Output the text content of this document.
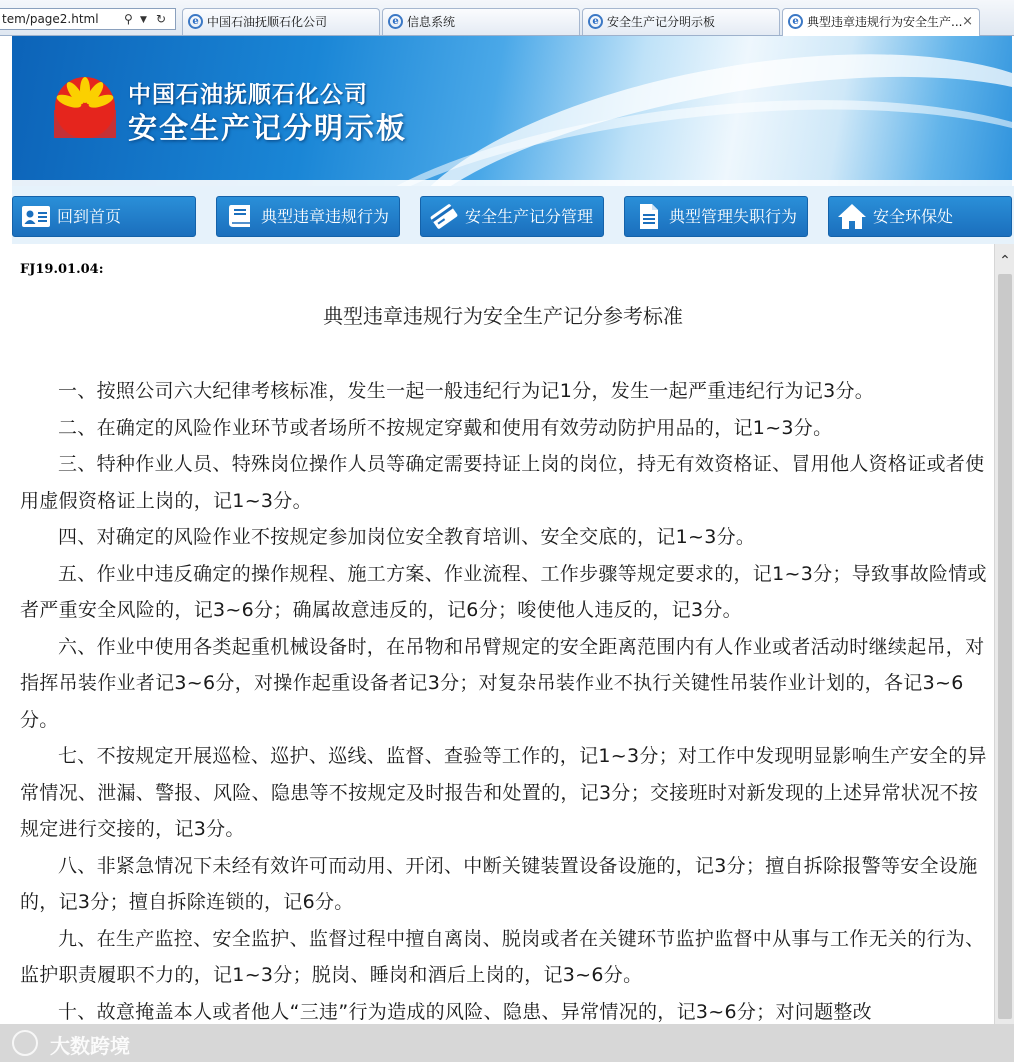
tem/page2.html ⚲ ▼ ↻	e 中国石油抚顺石化公司	e 信息系统	e 安全生产记分明示板	e 典型违章违规行为安全生产... ×
中国石油抚顺石化公司
安全生产记分明示板
回到首页	典型违章违规行为	安全生产记分管理	典型管理失职行为	安全环保处
FJ19.01.04:
典型违章违规行为安全生产记分参考标准

一、按照公司六大纪律考核标准，发生一起一般违纪行为记1分，发生一起严重违纪行为记3分。

二、在确定的风险作业环节或者场所不按规定穿戴和使用有效劳动防护用品的，记1~3分。

三、特种作业人员、特殊岗位操作人员等确定需要持证上岗的岗位，持无有效资格证、冒用他人资格证或者使用虚假资格证上岗的，记1~3分。

四、对确定的风险作业不按规定参加岗位安全教育培训、安全交底的，记1~3分。

五、作业中违反确定的操作规程、施工方案、作业流程、工作步骤等规定要求的，记1~3分；导致事故险情或者严重安全风险的，记3~6分；确属故意违反的，记6分；唆使他人违反的，记3分。

六、作业中使用各类起重机械设备时，在吊物和吊臂规定的安全距离范围内有人作业或者活动时继续起吊，对指挥吊装作业者记3~6分，对操作起重设备者记3分；对复杂吊装作业不执行关键性吊装作业计划的，各记3~6分。

七、不按规定开展巡检、巡护、巡线、监督、查验等工作的，记1~3分；对工作中发现明显影响生产安全的异常情况、泄漏、警报、风险、隐患等不按规定及时报告和处置的，记3分；交接班时对新发现的上述异常状况不按规定进行交接的，记3分。

八、非紧急情况下未经有效许可而动用、开闭、中断关键装置设备设施的，记3分；擅自拆除报警等安全设施的，记3分；擅自拆除连锁的，记6分。

九、在生产监控、安全监护、监督过程中擅自离岗、脱岗或者在关键环节监护监督中从事与工作无关的行为、监护职责履职不力的，记1~3分；脱岗、睡岗和酒后上岗的，记3~6分。

十、故意掩盖本人或者他人“三违”行为造成的风险、隐患、异常情况的，记3~6分；对问题整改

⌃
大数跨境
